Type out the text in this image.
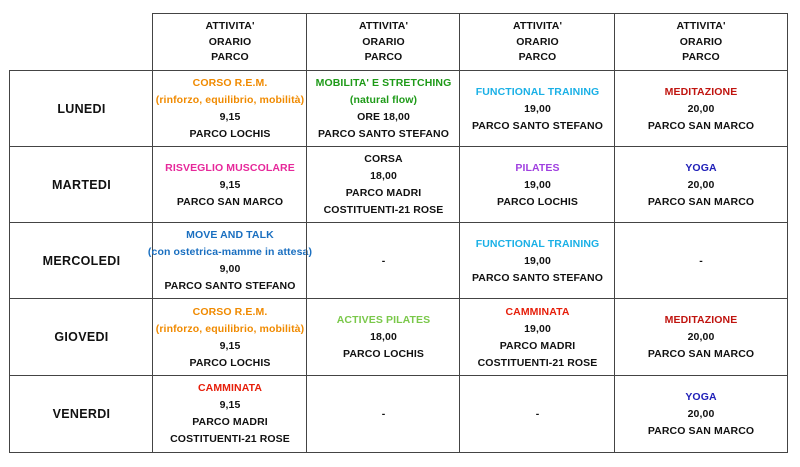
ATTIVITA'
ORARIO
PARCO
ATTIVITA'
ORARIO
PARCO
ATTIVITA'
ORARIO
PARCO
ATTIVITA'
ORARIO
PARCO
LUNEDI
CORSO R.E.M.
(rinforzo, equilibrio, mobilità)
9,15
PARCO LOCHIS
MOBILITA' E STRETCHING
(natural flow)
ORE 18,00
PARCO SANTO STEFANO
FUNCTIONAL TRAINING
19,00
PARCO SANTO STEFANO
MEDITAZIONE
20,00
PARCO SAN MARCO
MARTEDI
RISVEGLIO MUSCOLARE
9,15
PARCO SAN MARCO
CORSA
18,00
PARCO MADRI
COSTITUENTI-21 ROSE
PILATES
19,00
PARCO LOCHIS
YOGA
20,00
PARCO SAN MARCO
MERCOLEDI
MOVE AND TALK
(con ostetrica-mamme in attesa)
9,00
PARCO SANTO STEFANO
-
FUNCTIONAL TRAINING
19,00
PARCO SANTO STEFANO
-
GIOVEDI
CORSO R.E.M.
(rinforzo, equilibrio, mobilità)
9,15
PARCO LOCHIS
ACTIVES PILATES
18,00
PARCO LOCHIS
CAMMINATA
19,00
PARCO MADRI
COSTITUENTI-21 ROSE
MEDITAZIONE
20,00
PARCO SAN MARCO
VENERDI
CAMMINATA
9,15
PARCO MADRI
COSTITUENTI-21 ROSE
-	-
YOGA
20,00
PARCO SAN MARCO
